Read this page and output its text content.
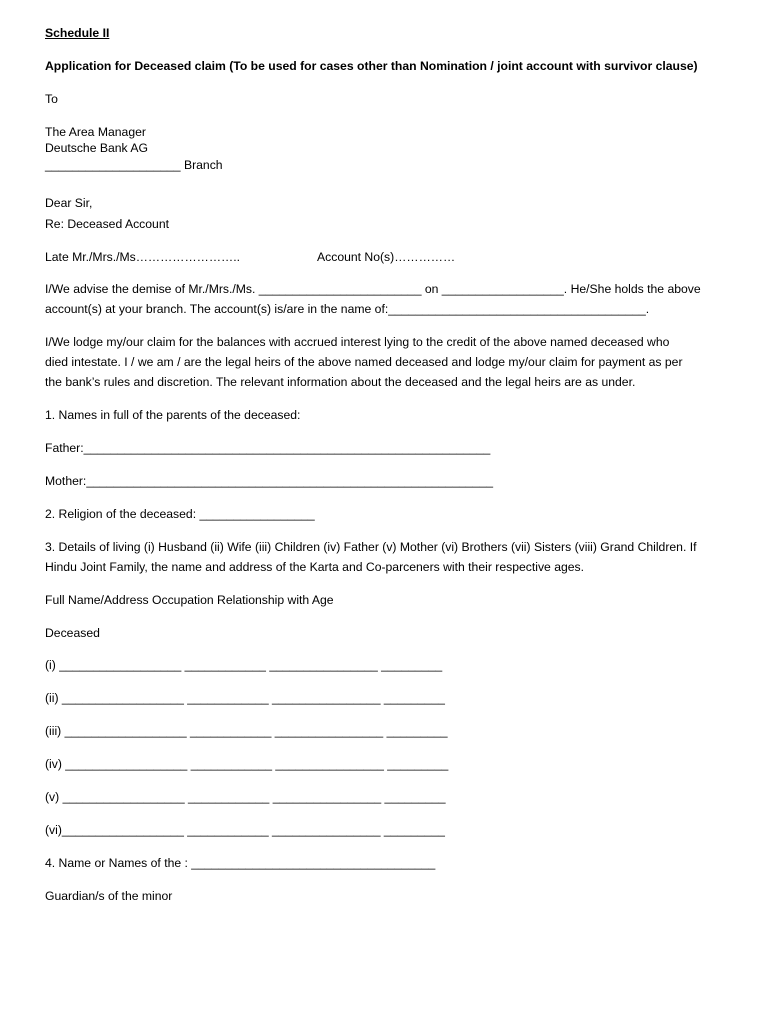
Schedule II
Application for Deceased claim (To be used for cases other than Nomination / joint account with survivor clause)
To
The Area Manager
Deutsche Bank AG
____________________ Branch
Dear Sir,
Re: Deceased Account
Late Mr./Mrs./Ms……………………..	Account No(s)……………
I/We advise the demise of Mr./Mrs./Ms. ________________________ on __________________. He/She holds the above
account(s) at your branch. The account(s) is/are in the name of:______________________________________.
I/We lodge my/our claim for the balances with accrued interest lying to the credit of the above named deceased who
died intestate. I / we am / are the legal heirs of the above named deceased and lodge my/our claim for payment as per
the bank’s rules and discretion. The relevant information about the deceased and the legal heirs are as under.
1. Names in full of the parents of the deceased:
Father:____________________________________________________________
Mother:____________________________________________________________
2. Religion of the deceased: _________________
3. Details of living (i) Husband (ii) Wife (iii) Children (iv) Father (v) Mother (vi) Brothers (vii) Sisters (viii) Grand Children. If
Hindu Joint Family, the name and address of the Karta and Co-parceners with their respective ages.
Full Name/Address Occupation Relationship with Age
Deceased
(i) __________________ ____________ ________________ _________
(ii) __________________ ____________ ________________ _________
(iii) __________________ ____________ ________________ _________
(iv) __________________ ____________ ________________ _________
(v) __________________ ____________ ________________ _________
(vi)__________________ ____________ ________________ _________
4. Name or Names of the : ____________________________________
Guardian/s of the minor
